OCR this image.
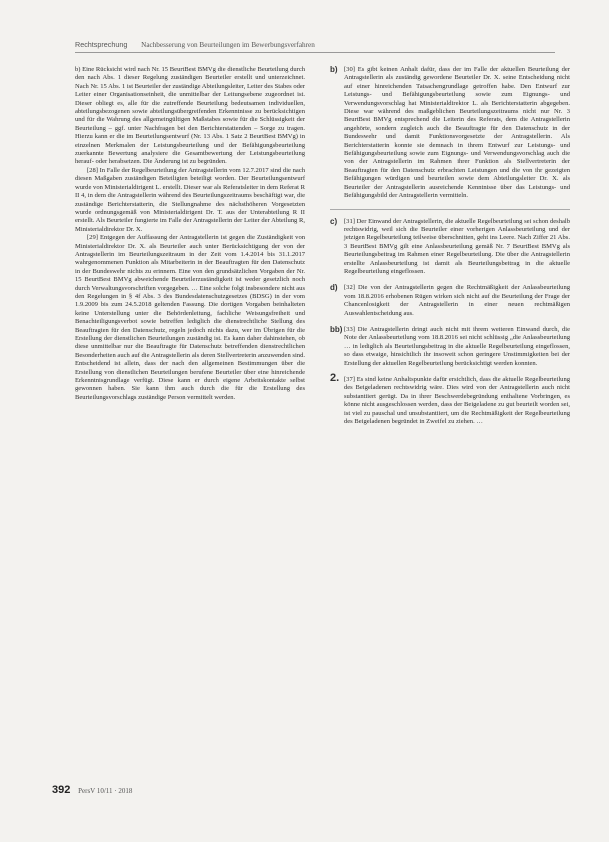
Rechtsprechung Nachbesserung von Beurteilungen im Bewerbungsverfahren

b) Eine Rücksicht wird nach Nr. 15 BeurtBest BMVg die dienstliche Beurteilung durch den nach Abs. 1 dieser Regelung zuständigen Beurteiler erstellt und unterzeichnet. Nach Nr. 15 Abs. 1 ist Beurteiler der zuständige Abteilungsleiter, Leiter des Stabes oder Leiter einer Organisationseinheit, die unmittelbar der Leitungsebene zugeordnet ist. Dieser obliegt es, alle für die zutreffende Beurteilung bedeutsamen individuellen, abteilungsbezogenen sowie abteilungsübergreifenden Erkenntnisse zu berücksichtigen und für die Wahrung des allgemeingültigen Maßstabes sowie für die Schlüssigkeit der Beurteilung – ggf. unter Nachfragen bei den Berichterstattenden – Sorge zu tragen. Hierzu kann er die im Beurteilungsentwurf (Nr. 13 Abs. 1 Satz 2 BeurtBest BMVg) in einzelnen Merkmalen der Leistungsbeurteilung und der Befähigungsbeurteilung zuerkannte Bewertung analysiere die Gesamtbewertung der Leistungsbeurteilung herauf- oder herabsetzen. Die Änderung ist zu begründen.

[28] In Falle der Regelbeurteilung der Antragstellerin vom 12.7.2017 sind die nach diesen Maßgaben zuständigen Beteiligten beteiligt worden. Der Beurteilungsentwurf wurde von Ministerialdirigent L. erstellt. Dieser war als Referatsleiter in dem Referat R II 4, in dem die Antragstellerin während des Beurteilungszeitraums beschäftigt war, die zuständige Berichterstatterin, die Stellungnahme des nächsthöheren Vorgesetzten wurde ordnungsgemäß von Ministerialdirigent Dr. T. aus der Unterabteilung R II erstellt. Als Beurteiler fungierte im Falle der Antragstellerin der Leiter der Abteilung R, Ministerialdirektor Dr. X.

[29] Entgegen der Auffassung der Antragstellerin ist gegen die Zuständigkeit von Ministerialdirektor Dr. X. als Beurteiler auch unter Berücksichtigung der von der Antragstellerin im Beurteilungszeitraum in der Zeit vom 1.4.2014 bis 31.1.2017 wahrgenommenen Funktion als Mitarbeiterin in der Beauftragten für den Datenschutz in der Bundeswehr nichts zu erinnern. Eine von den grundsätzlichen Vorgaben der Nr. 15 BeurtBest BMVg abweichende Beurteilerzuständigkeit ist weder gesetzlich noch durch Verwaltungsvorschriften vorgegeben. … Eine solche folgt insbesondere nicht aus den Regelungen in § 4f Abs. 3 des Bundesdatenschutzgesetzes (BDSG) in der vom 1.9.2009 bis zum 24.5.2018 geltenden Fassung. Die dortigen Vorgaben beinhalteten keine Unterstellung unter die Behördenleitung, fachliche Weisungsfreiheit und Benachteiligungsverbot sowie betreffen lediglich die dienstrechtliche Stellung des Beauftragten für den Datenschutz, regeln jedoch nichts dazu, wer im Übrigen für die Erstellung der dienstlichen Beurteilungen zuständig ist. Es kann daher dahinstehen, ob diese unmittelbar nur die Beauftragte für Datenschutz betreffenden dienstrechtlichen Besonderheiten auch auf die Antragstellerin als deren Stellvertreterin anzuwenden sind. Entscheidend ist allein, dass der nach den allgemeinen Bestimmungen über die Erstellung von dienstlichen Beurteilungen berufene Beurteiler über eine hinreichende Erkenntnisgrundlage verfügt. Diese kann er durch eigene Arbeitskontakte selbst gewonnen haben. Sie kann ihm auch durch die für die Erstellung des Beurteilungsvorschlags zuständige Person vermittelt werden.

b) [30] Es gibt keinen Anhalt dafür, dass der im Falle der aktuellen Beurteilung der Antragstellerin als zuständig gewordene Beurteiler Dr. X. seine Entscheidung nicht auf einer hinreichenden Tatsachengrundlage getroffen habe. Den Entwurf zur Leistungs- und Befähigungsbeurteilung sowie zum Eignungs- und Verwendungsvorschlag hat Ministerialdirektor L. als Berichterstatterin abgegeben. Diese war während des maßgeblichen Beurteilungszeitraums nicht nur Nr. 3 BeurtBest BMVg entsprechend die Leiterin des Referats, dem die Antragstellerin angehörte, sondern zugleich auch die Beauftragte für den Datenschutz in der Bundeswehr und damit Funktionsvorgesetzte der Antragstellerin. Als Berichterstatterin konnte sie demnach in ihrem Entwurf zur Leistungs- und Befähigungsbeurteilung sowie zum Eignungs- und Verwendungsvorschlag auch die von der Antragstellerin im Rahmen ihrer Funktion als Stellvertreterin der Beauftragten für den Datenschutz erbrachten Leistungen und die von ihr gezeigten Befähigungen würdigen und beurteilen sowie dem Abteilungsleiter Dr. X. als Beurteiler der Antragstellerin ausreichende Kenntnisse über das Leistungs- und Befähigungsbild der Antragstellerin vermitteln.

c) [31] Der Einwand der Antragstellerin, die aktuelle Regelbeurteilung sei schon deshalb rechtswidrig, weil sich die Beurteiler einer vorherigen Anlassbeurteilung und der jetzigen Regelbeurteilung teilweise überschnitten, geht ins Leere. Nach Ziffer 21 Abs. 3 BeurtBest BMVg gilt eine Anlassbeurteilung gemäß Nr. 7 BeurtBest BMVg als Beurteilungsbeitrag im Rahmen einer Regelbeurteilung. Die über die Antragstellerin erstellte Anlassbeurteilung ist damit als Beurteilungsbeitrag in die aktuelle Regelbeurteilung eingeflossen.

d) [32] Die von der Antragstellerin gegen die Rechtmäßigkeit der Anlassbeurteilung vom 18.8.2016 erhobenen Rügen wirken sich nicht auf die Beurteilung der Frage der Chancenlosigkeit der Antragstellerin in einer neuen rechtmäßigen Auswahlentscheidung aus.

bb) [33] Die Antragstellerin dringt auch nicht mit ihrem weiteren Einwand durch, die Note der Anlassbeurteilung vom 18.8.2016 sei nicht schlüssig „die Anlassbeurteilung … in lediglich als Beurteilungsbeitrag in die aktuelle Regelbeurteilung eingeflossen, so dass etwaige, hinsichtlich ihr insoweit schon geringere Unstimmigkeiten bei der Erstellung der aktuellen Regelbeurteilung berücksichtigt werden konnten.

2. [37] Es sind keine Anhaltspunkte dafür ersichtlich, dass die aktuelle Regelbeurteilung des Beigeladenen rechtswidrig wäre. Dies wird von der Antragstellerin auch nicht substantiiert gerügt. Da in ihrer Beschwerdebegründung enthaltene Vorbringen, es könne nicht ausgeschlossen werden, dass der Beigeladene zu gut beurteilt worden sei, ist viel zu pauschal und unsubstantiiert, um die Rechtmäßigkeit der Regelbeurteilung des Beigeladenen begründet in Zweifel zu ziehen. …

392 PersV 10/11 · 2018
